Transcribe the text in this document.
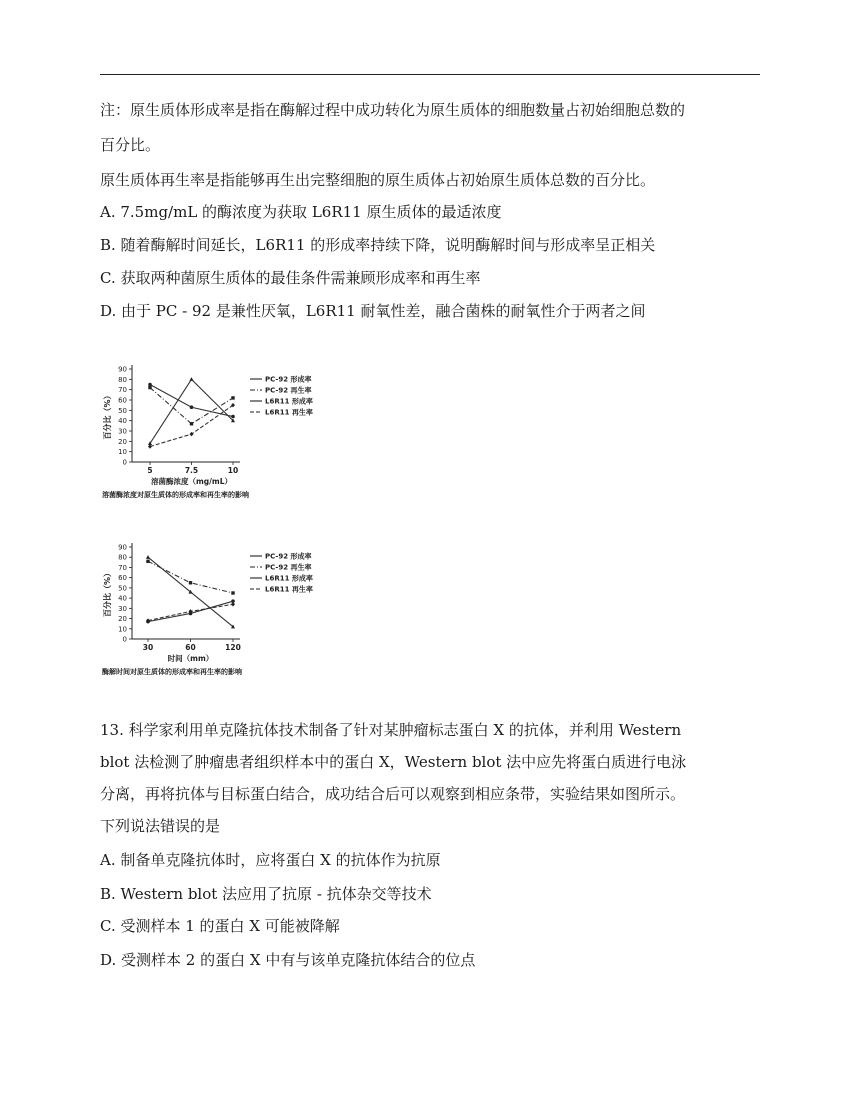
注：原生质体形成率是指在酶解过程中成功转化为原生质体的细胞数量占初始细胞总数的
百分比。
原生质体再生率是指能够再生出完整细胞的原生质体占初始原生质体总数的百分比。
A. 7.5mg/mL 的酶浓度为获取 L6R11 原生质体的最适浓度
B. 随着酶解时间延长，L6R11 的形成率持续下降，说明酶解时间与形成率呈正相关
C. 获取两种菌原生质体的最佳条件需兼顾形成率和再生率
D. 由于 PC - 92 是兼性厌氧，L6R11 耐氧性差，融合菌株的耐氧性介于两者之间
0
10
20
30
40
50
60
70
80
90
5	7.5	10
百分比（%）
溶菌酶浓度（mg/mL）
溶菌酶浓度对原生质体的形成率和再生率的影响
PC-92 形成率
PC-92 再生率
L6R11 形成率
L6R11 再生率
0
10
20
30
40
50
60
70
80
90
30	60	120
百分比（%）
时间（mm）
酶解时间对原生质体的形成率和再生率的影响
PC-92 形成率
PC-92 再生率
L6R11 形成率
L6R11 再生率
13. 科学家利用单克隆抗体技术制备了针对某肿瘤标志蛋白 X 的抗体，并利用 Western
blot 法检测了肿瘤患者组织样本中的蛋白 X，Western blot 法中应先将蛋白质进行电泳
分离，再将抗体与目标蛋白结合，成功结合后可以观察到相应条带，实验结果如图所示。
下列说法错误的是
A. 制备单克隆抗体时，应将蛋白 X 的抗体作为抗原
B. Western blot 法应用了抗原 - 抗体杂交等技术
C. 受测样本 1 的蛋白 X 可能被降解
D. 受测样本 2 的蛋白 X 中有与该单克隆抗体结合的位点
